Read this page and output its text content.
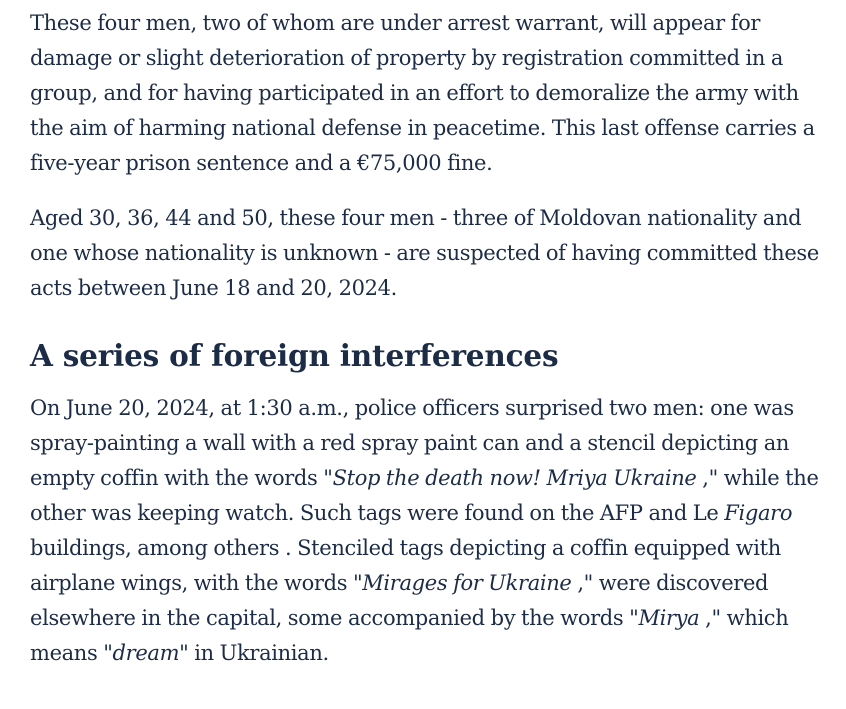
These four men, two of whom are under arrest warrant, will appear for damage or slight deterioration of property by registration committed in a group, and for having participated in an effort to demoralize the army with the aim of harming national defense in peacetime. This last offense carries a five-year prison sentence and a €75,000 fine.

Aged 30, 36, 44 and 50, these four men - three of Moldovan nationality and one whose nationality is unknown - are suspected of having committed these acts between June 18 and 20, 2024.

A series of foreign interferences

On June 20, 2024, at 1:30 a.m., police officers surprised two men: one was spray-painting a wall with a red spray paint can and a stencil depicting an empty coffin with the words "Stop the death now! Mriya Ukraine ," while the other was keeping watch. Such tags were found on the AFP and Le Figaro buildings, among others . Stenciled tags depicting a coffin equipped with airplane wings, with the words "Mirages for Ukraine ," were discovered elsewhere in the capital, some accompanied by the words "Mirya ," which means "dream" in Ukrainian.
